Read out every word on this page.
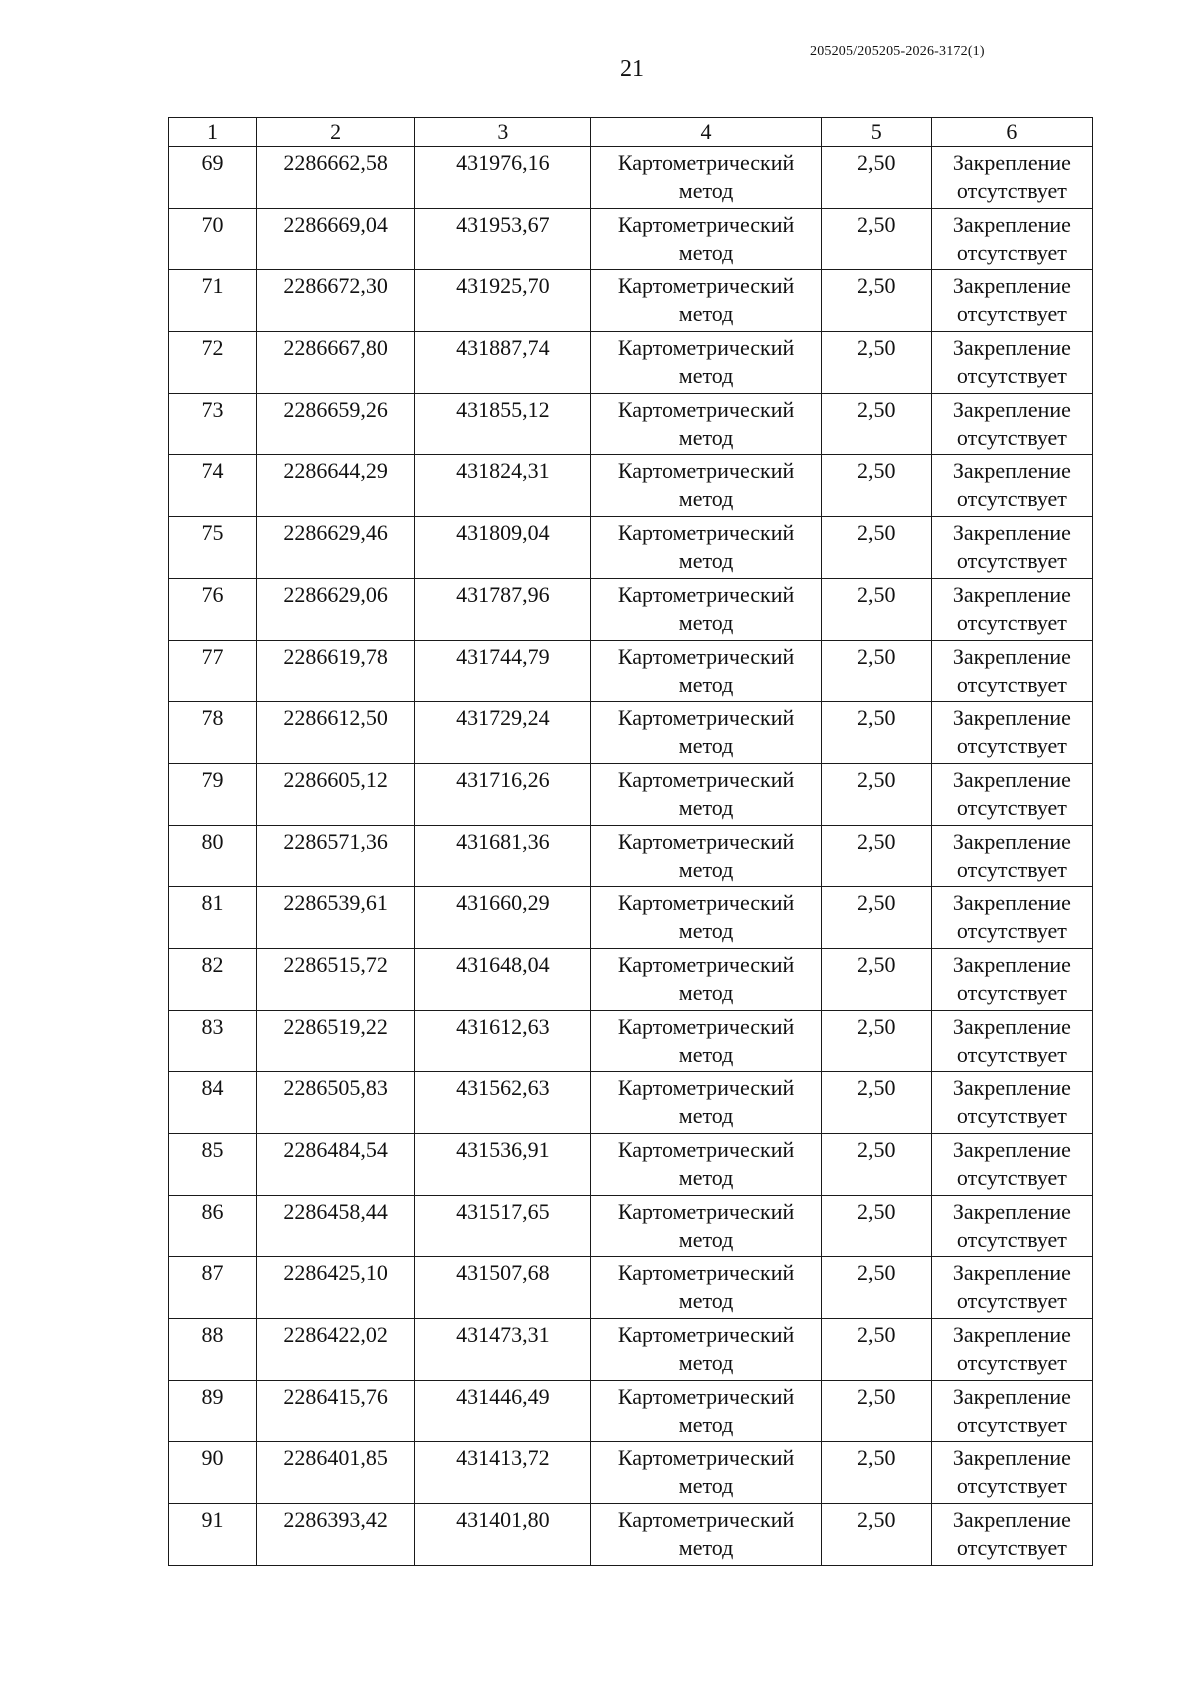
21
205205/205205-2026-3172(1)
1	2	3	4	5	6
69	2286662,58	431976,16	Картометрический метод	2,50	Закрепление отсутствует
70	2286669,04	431953,67	Картометрический метод	2,50	Закрепление отсутствует
71	2286672,30	431925,70	Картометрический метод	2,50	Закрепление отсутствует
72	2286667,80	431887,74	Картометрический метод	2,50	Закрепление отсутствует
73	2286659,26	431855,12	Картометрический метод	2,50	Закрепление отсутствует
74	2286644,29	431824,31	Картометрический метод	2,50	Закрепление отсутствует
75	2286629,46	431809,04	Картометрический метод	2,50	Закрепление отсутствует
76	2286629,06	431787,96	Картометрический метод	2,50	Закрепление отсутствует
77	2286619,78	431744,79	Картометрический метод	2,50	Закрепление отсутствует
78	2286612,50	431729,24	Картометрический метод	2,50	Закрепление отсутствует
79	2286605,12	431716,26	Картометрический метод	2,50	Закрепление отсутствует
80	2286571,36	431681,36	Картометрический метод	2,50	Закрепление отсутствует
81	2286539,61	431660,29	Картометрический метод	2,50	Закрепление отсутствует
82	2286515,72	431648,04	Картометрический метод	2,50	Закрепление отсутствует
83	2286519,22	431612,63	Картометрический метод	2,50	Закрепление отсутствует
84	2286505,83	431562,63	Картометрический метод	2,50	Закрепление отсутствует
85	2286484,54	431536,91	Картометрический метод	2,50	Закрепление отсутствует
86	2286458,44	431517,65	Картометрический метод	2,50	Закрепление отсутствует
87	2286425,10	431507,68	Картометрический метод	2,50	Закрепление отсутствует
88	2286422,02	431473,31	Картометрический метод	2,50	Закрепление отсутствует
89	2286415,76	431446,49	Картометрический метод	2,50	Закрепление отсутствует
90	2286401,85	431413,72	Картометрический метод	2,50	Закрепление отсутствует
91	2286393,42	431401,80	Картометрический метод	2,50	Закрепление отсутствует
